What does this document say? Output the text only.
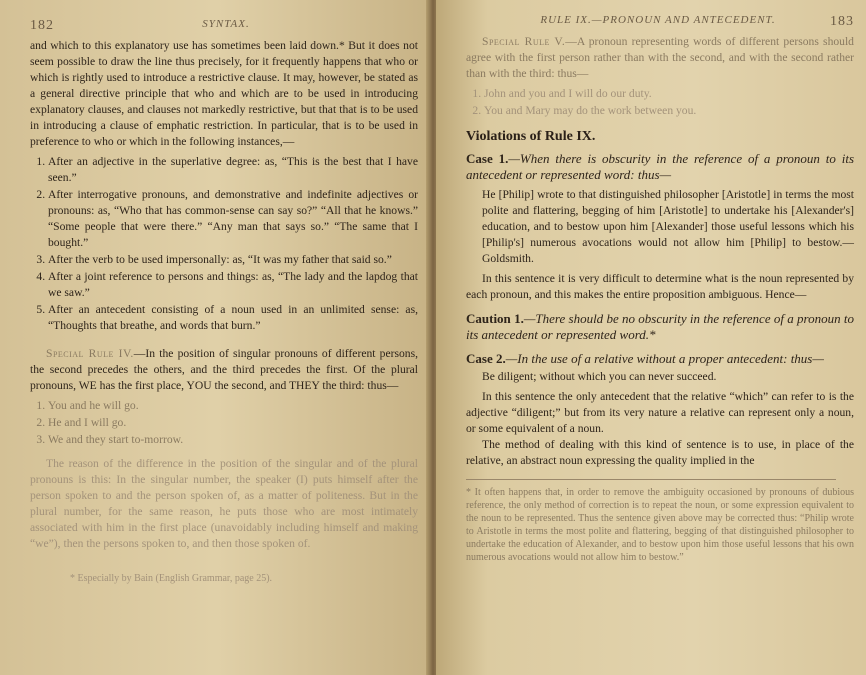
182	SYNTAX.

and which to this explanatory use has sometimes been laid down.* But it does not seem possible to draw the line thus precisely, for it frequently happens that who or which is rightly used to introduce a restrictive clause. It may, however, be stated as a general directive principle that who and which are to be used in introducing explanatory clauses, and clauses not markedly restrictive, but that that is to be used in introducing a clause of emphatic restriction. In particular, that is to be used in preference to who or which in the following instances,—

1. After an adjective in the superlative degree: as, “This is the best that I have seen.”
2. After interrogative pronouns, and demonstrative and indefinite adjectives or pronouns: as, “Who that has common-sense can say so?” “All that he knows.” “Some people that were there.” “Any man that says so.” “The same that I bought.”
3. After the verb to be used impersonally: as, “It was my father that said so.”
4. After a joint reference to persons and things: as, “The lady and the lapdog that we saw.”
5. After an antecedent consisting of a noun used in an unlimited sense: as, “Thoughts that breathe, and words that burn.”

Special Rule IV.—In the position of singular pronouns of different persons, the second precedes the others, and the third precedes the first. Of the plural pronouns, WE has the first place, YOU the second, and THEY the third: thus—

1. You and he will go.
2. He and I will go.
3. We and they start to-morrow.

The reason of the difference in the position of the singular and of the plural pronouns is this: In the singular number, the speaker (I) puts himself after the person spoken to and the person spoken of, as a matter of politeness. But in the plural number, for the same reason, he puts those who are most intimately associated with him in the first place (unavoidably including himself and making “we”), then the persons spoken to, and then those spoken of.

* Especially by Bain (English Grammar, page 25).

RULE IX.—PRONOUN AND ANTECEDENT.	183

Special Rule V.—A pronoun representing words of different persons should agree with the first person rather than with the second, and with the second rather than with the third: thus—

1. John and you and I will do our duty.
2. You and Mary may do the work between you.
Violations of Rule IX.

Case 1.—When there is obscurity in the reference of a pronoun to its antecedent or represented word: thus—

He [Philip] wrote to that distinguished philosopher [Aristotle] in terms the most polite and flattering, begging of him [Aristotle] to undertake his [Alexander's] education, and to bestow upon him [Alexander] those useful lessons which his [Philip's] numerous avocations would not allow him [Philip] to bestow.—Goldsmith.

In this sentence it is very difficult to determine what is the noun represented by each pronoun, and this makes the entire proposition ambiguous. Hence—

Caution 1.—There should be no obscurity in the reference of a pronoun to its antecedent or represented word.*

Case 2.—In the use of a relative without a proper antecedent: thus—

Be diligent; without which you can never succeed.

In this sentence the only antecedent that the relative “which” can refer to is the adjective “diligent;” but from its very nature a relative can represent only a noun, or some equivalent of a noun.

The method of dealing with this kind of sentence is to use, in place of the relative, an abstract noun expressing the quality implied in the

* It often happens that, in order to remove the ambiguity occasioned by pronouns of dubious reference, the only method of correction is to repeat the noun, or some expression equivalent to the noun to be represented. Thus the sentence given above may be corrected thus: “Philip wrote to Aristotle in terms the most polite and flattering, begging of that distinguished philosopher to undertake the education of Alexander, and to bestow upon him those useful lessons that his own numerous avocations would not allow him to bestow.”
